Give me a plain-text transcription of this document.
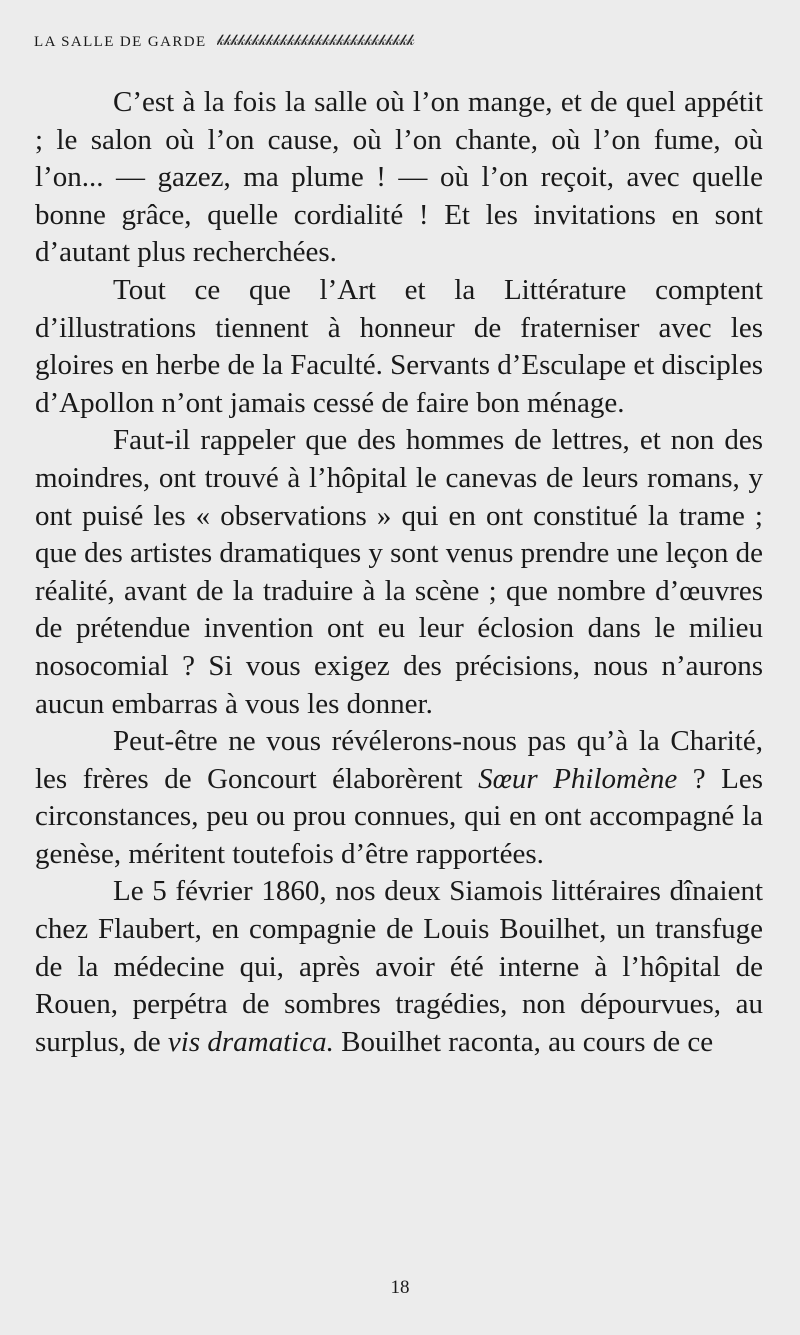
LA SALLE DE GARDE 𝓀𝓀𝓀𝓀𝓀𝓀𝓀𝓀𝓀𝓀𝓀𝓀𝓀𝓀𝓀𝓀𝓀𝓀𝓀𝓀𝓀𝓀𝓀𝓀𝓀𝓀𝓀𝓀

C’est à la fois la salle où l’on mange, et de quel appétit ; le salon où l’on cause, où l’on chante, où l’on fume, où l’on... — gazez, ma plume ! — où l’on reçoit, avec quelle bonne grâce, quelle cordialité ! Et les invitations en sont d’autant plus recherchées.

Tout ce que l’Art et la Littérature comptent d’illustrations tiennent à honneur de fraterniser avec les gloires en herbe de la Faculté. Servants d’Esculape et disciples d’Apollon n’ont jamais cessé de faire bon ménage.

Faut-il rappeler que des hommes de lettres, et non des moindres, ont trouvé à l’hôpital le canevas de leurs romans, y ont puisé les « observations » qui en ont constitué la trame ; que des artistes dramatiques y sont venus prendre une leçon de réalité, avant de la traduire à la scène ; que nombre d’œuvres de prétendue invention ont eu leur éclosion dans le milieu nosocomial ? Si vous exigez des précisions, nous n’aurons aucun embarras à vous les donner.

Peut-être ne vous révélerons-nous pas qu’à la Charité, les frères de Goncourt élaborèrent Sœur Philomène ? Les circonstances, peu ou prou connues, qui en ont accompagné la genèse, méritent toutefois d’être rapportées.

Le 5 février 1860, nos deux Siamois littéraires dînaient chez Flaubert, en compagnie de Louis Bouilhet, un transfuge de la médecine qui, après avoir été interne à l’hôpital de Rouen, perpétra de sombres tragédies, non dépourvues, au surplus, de vis dramatica. Bouilhet raconta, au cours de ce

18
